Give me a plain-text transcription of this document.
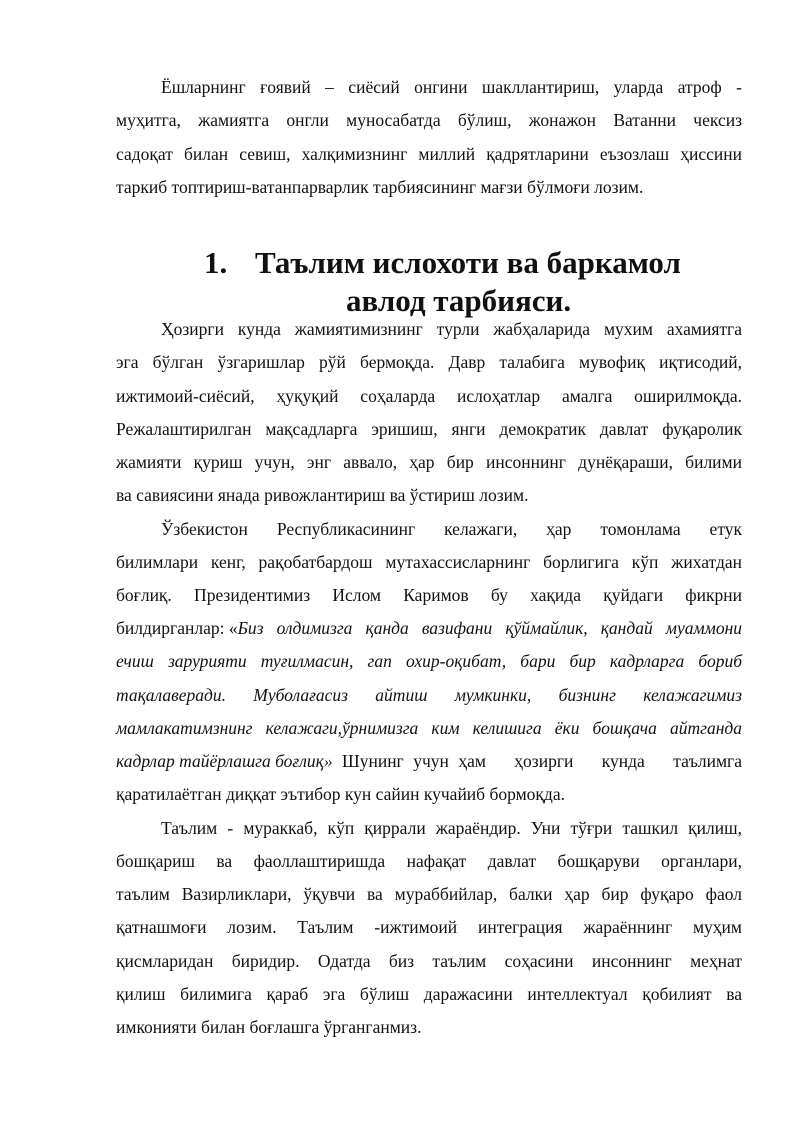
Ёшларнинг ғоявий – сиёсий онгини шакллантириш, уларда атроф -
муҳитга, жамиятга онгли муносабатда бўлиш, жонажон Ватанни чексиз
садоқат билан севиш, халқимизнинг миллий қадрятларини еъзозлаш ҳиссини
таркиб топтириш-ватанпарварлик тарбиясининг мағзи бўлмоғи лозим.
1. Таълим ислохоти ва баркамол
авлод тарбияси.
Ҳозирги кунда жамиятимизнинг турли жабҳаларида мухим ахамиятга
эга бўлган ўзгаришлар рўй бермоқда. Давр талабига мувофиқ иқтисодий,
ижтимоий-сиёсий, ҳуқуқий соҳаларда ислоҳатлар амалга оширилмоқда.
Режалаштирилган мақсадларга эришиш, янги демократик давлат фуқаролик
жамияти қуриш учун, энг аввало, ҳар бир инсоннинг дунёқараши, билими
ва савиясини янада ривожлантириш ва ўстириш лозим.
Ўзбекистон Республикасининг келажаги, ҳар томонлама етук
билимлари кенг, рақобатбардош мутахассисларнинг борлигига кўп жихатдан
боғлиқ. Президентимиз Ислом Каримов бу хақида қуйдаги фикрни
билдирганлар: « Биз олдимизга қанда вазифани қўймайлик, қандай муаммони
ечиш зарурияти туғилмасин, гап охир-оқибат, бари бир кадрларга бориб
тақалаверади. Муболағасиз айтиш мумкинки, бизнинг келажагимиз
мамлакатимзнинг келажаги,ўрнимизга ким келишига ёки бошқача айтганда
кадрлар тайёрлашга боғлиқ» Шунинг учун ҳам   ҳозирги   кунда   таълимга
қаратилаётган диққат эътибор кун сайин кучайиб бормоқда.
Таълим - мураккаб, кўп қиррали жараёндир. Уни тўғри ташкил қилиш,
бошқариш ва фаоллаштиришда нафақат давлат бошқаруви органлари,
таълим Вазирликлари, ўқувчи ва мураббийлар, балки ҳар бир фуқаро фаол
қатнашмоғи лозим. Таълим -ижтимоий интеграция жараённинг муҳим
қисмларидан биридир. Одатда биз таълим соҳасини инсоннинг меҳнат
қилиш билимига қараб эга бўлиш даражасини интеллектуал қобилият ва
имконияти билан боғлашга ўрганганмиз.
